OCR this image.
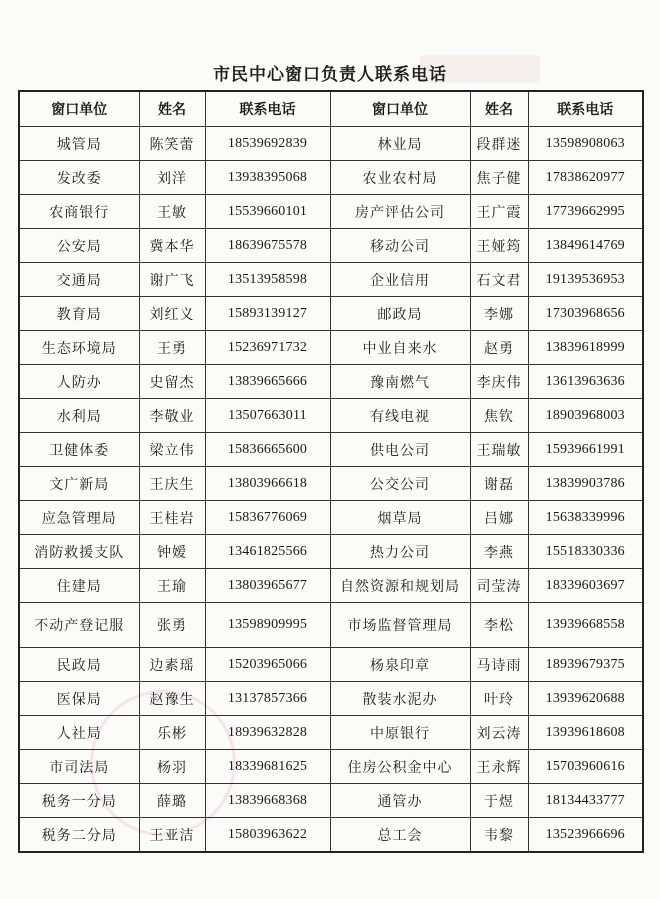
市民中心窗口负责人联系电话
窗口单位	姓名	联系电话	窗口单位	姓名	联系电话
城管局	陈笑蕾	18539692839	林业局	段群迷	13598908063
发改委	刘洋	13938395068	农业农村局	焦子健	17838620977
农商银行	王敏	15539660101	房产评估公司	王广霞	17739662995
公安局	冀本华	18639675578	移动公司	王娅筠	13849614769
交通局	谢广飞	13513958598	企业信用	石文君	19139536953
教育局	刘红义	15893139127	邮政局	李娜	17303968656
生态环境局	王勇	15236971732	中业自来水	赵勇	13839618999
人防办	史留杰	13839665666	豫南燃气	李庆伟	13613963636
水利局	李敬业	13507663011	有线电视	焦钦	18903968003
卫健体委	梁立伟	15836665600	供电公司	王瑞敏	15939661991
文广新局	王庆生	13803966618	公交公司	谢磊	13839903786
应急管理局	王桂岩	15836776069	烟草局	吕娜	15638339996
消防救援支队	钟嫒	13461825566	热力公司	李燕	15518330336
住建局	王瑜	13803965677	自然资源和规划局	司莹涛	18339603697
不动产登记服	张勇	13598909995	市场监督管理局	李松	13939668558
民政局	边素瑶	15203965066	杨泉印章	马诗雨	18939679375
医保局	赵豫生	13137857366	散装水泥办	叶玲	13939620688
人社局	乐彬	18939632828	中原银行	刘云涛	13939618608
市司法局	杨羽	18339681625	住房公积金中心	王永辉	15703960616
税务一分局	薛璐	13839668368	通管办	于煜	18134433777
税务二分局	王亚洁	15803963622	总工会	韦黎	13523966696
